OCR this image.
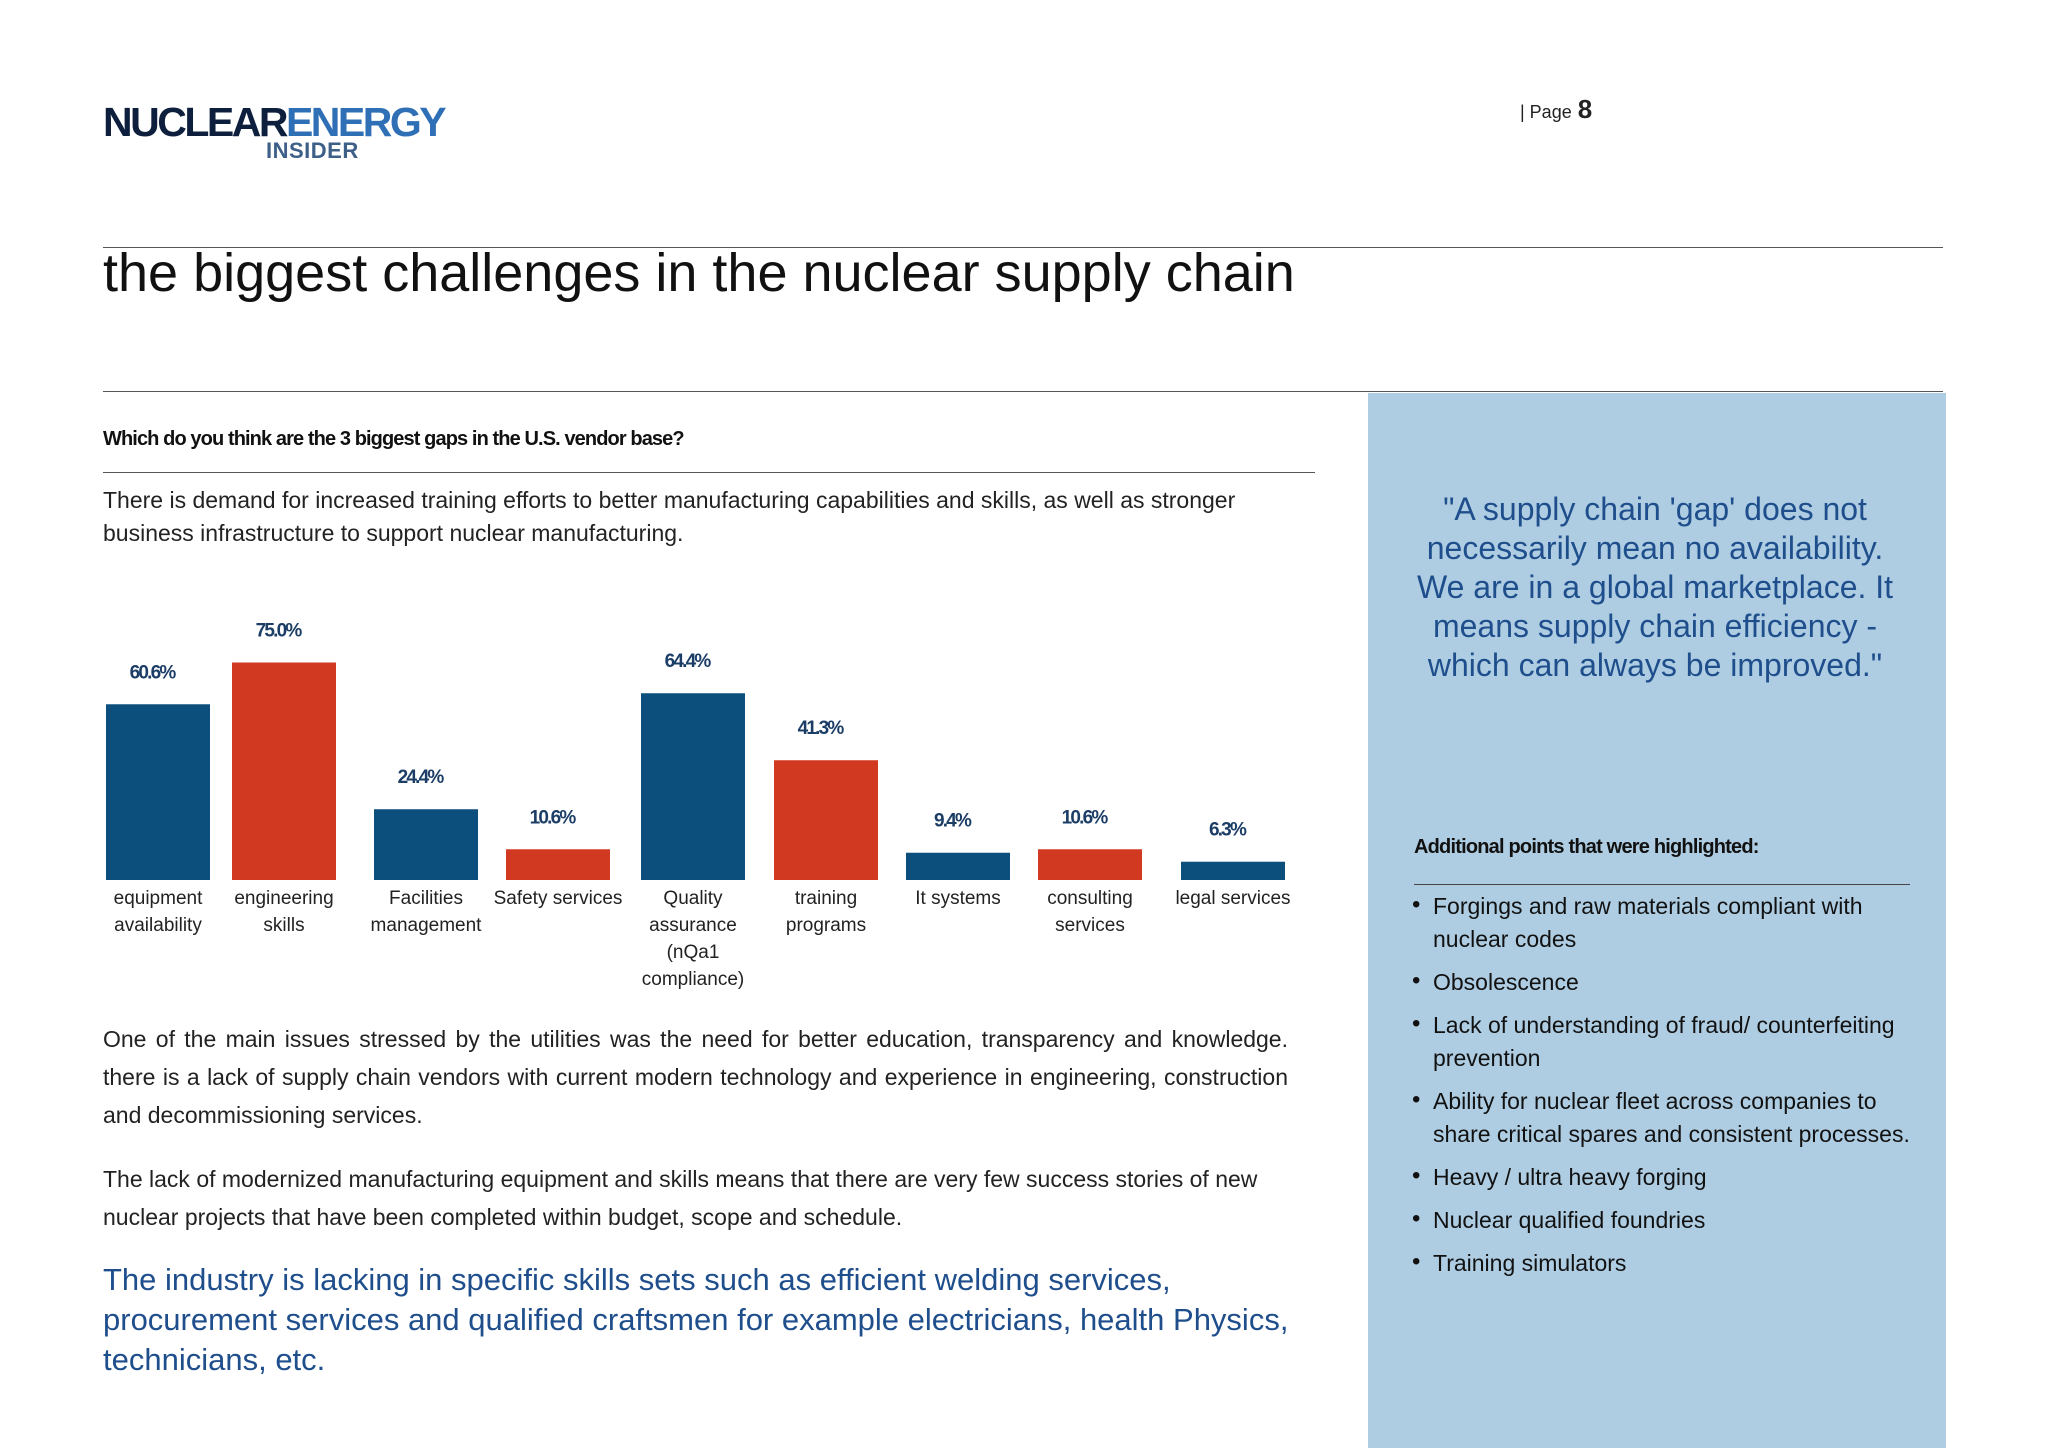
NUCLEARENERGY
INSIDER
| Page 8
the biggest challenges in the nuclear supply chain
Which do you think are the 3 biggest gaps in the U.S. vendor base?
There is demand for increased training efforts to better manufacturing capabilities and skills, as well as stronger business infrastructure to support nuclear manufacturing.
60.6%
equipment
availability
75.0%
engineering
skills
24.4%
Facilities
management
10.6%
Safety services
64.4%
Quality
assurance
(nQa1
compliance)
41.3%
training
programs
9.4%
It systems
10.6%
consulting
services
6.3%
legal services
One of the main issues stressed by the utilities was the need for better education, transparency and knowledge. there is a lack of supply chain vendors with current modern technology and experience in engineering, construction and decommissioning services.
The lack of modernized manufacturing equipment and skills means that there are very few success stories of new nuclear projects that have been completed within budget, scope and schedule.
The industry is lacking in specific skills sets such as efficient welding services, procurement services and qualified craftsmen for example electricians, health Physics, technicians, etc.
"A supply chain 'gap' does not necessarily mean no availability. We are in a global marketplace. It means supply chain efficiency - which can always be improved."
Additional points that were highlighted:
• Forgings and raw materials compliant with nuclear codes
• Obsolescence
• Lack of understanding of fraud/ counterfeiting prevention
• Ability for nuclear fleet across companies to share critical spares and consistent processes.
• Heavy / ultra heavy forging
• Nuclear qualified foundries
• Training simulators
